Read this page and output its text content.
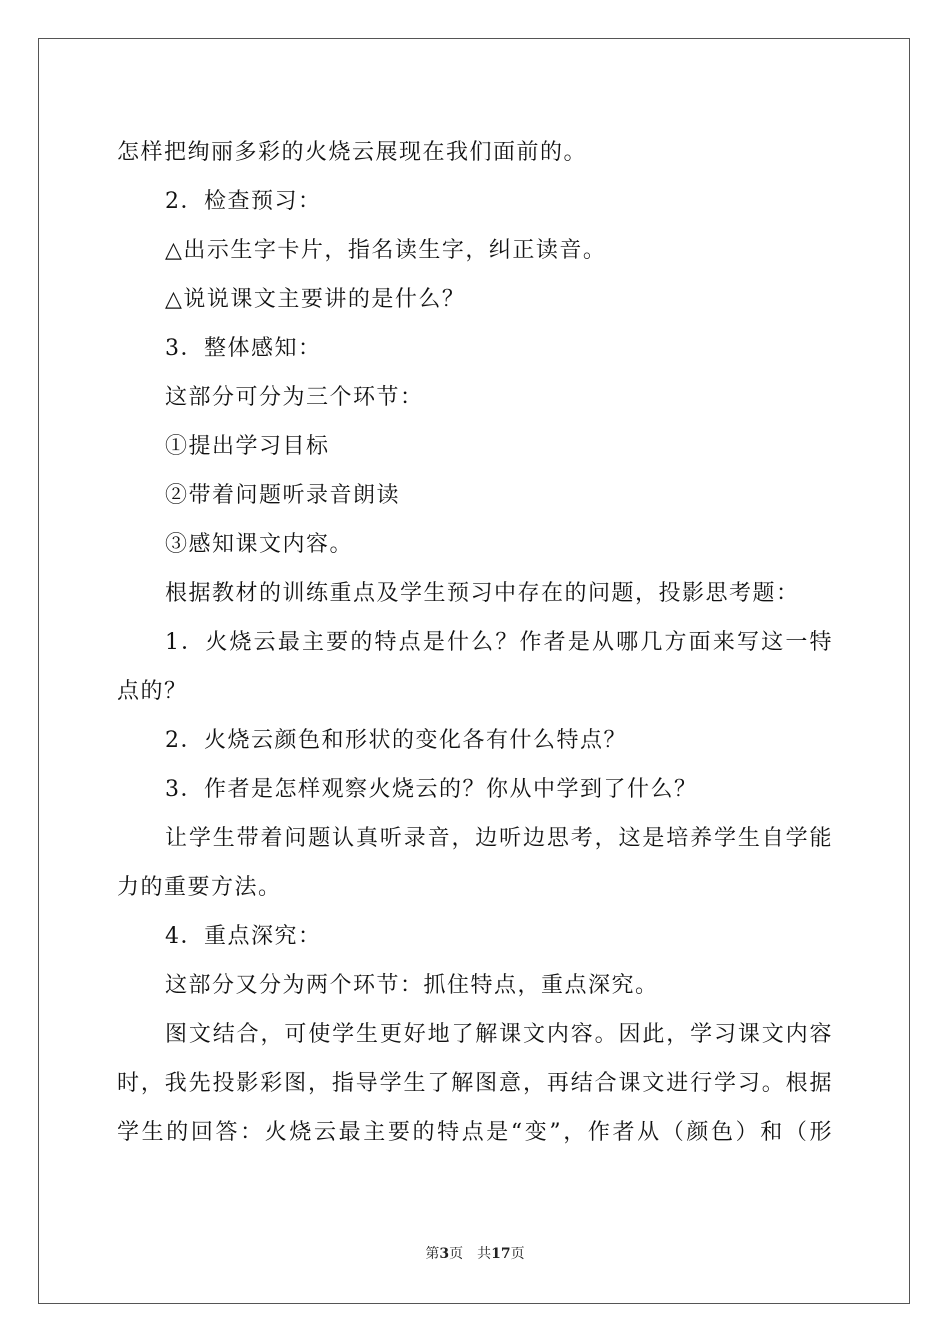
怎样把绚丽多彩的火烧云展现在我们面前的。
2．检查预习：
△出示生字卡片，指名读生字，纠正读音。
△说说课文主要讲的是什么？
3．整体感知：
这部分可分为三个环节：
①提出学习目标
②带着问题听录音朗读
③感知课文内容。
根据教材的训练重点及学生预习中存在的问题，投影思考题：
1．火烧云最主要的特点是什么？作者是从哪几方面来写这一特
点的？
2．火烧云颜色和形状的变化各有什么特点？
3．作者是怎样观察火烧云的？你从中学到了什么？
让学生带着问题认真听录音，边听边思考，这是培养学生自学能
力的重要方法。
4．重点深究：
这部分又分为两个环节：抓住特点，重点深究。
图文结合，可使学生更好地了解课文内容。因此，学习课文内容
时，我先投影彩图，指导学生了解图意，再结合课文进行学习。根据
学生的回答：火烧云最主要的特点是“变”，作者从（颜色）和（形
第3页 共17页
